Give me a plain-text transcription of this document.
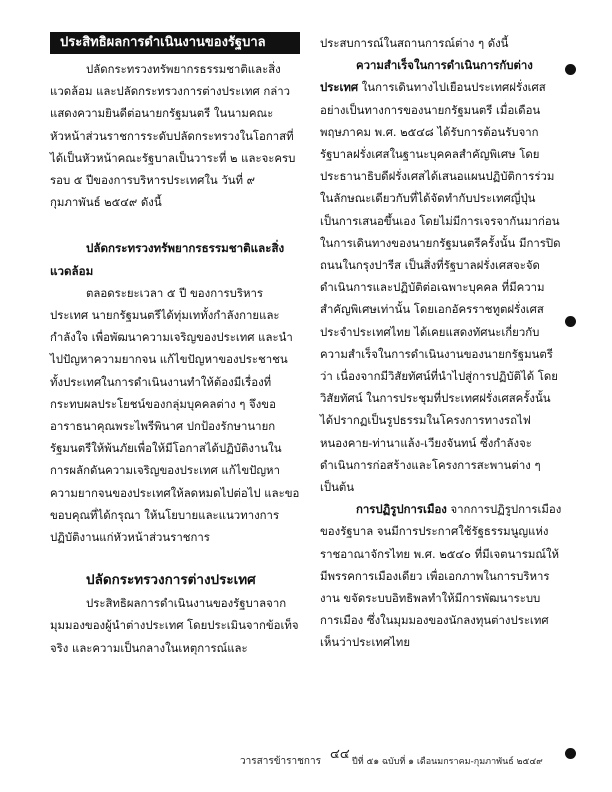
ประสิทธิผลการดำเนินงานของรัฐบาล

ปลัดกระทรวงทรัพยากรธรรมชาติและสิ่งแวดล้อม และปลัดกระทรวงการต่างประเทศ กล่าวแสดงความยินดีต่อนายกรัฐมนตรี ในนามคณะหัวหน้าส่วนราชการระดับปลัดกระทรวงในโอกาสที่ได้เป็นหัวหน้าคณะรัฐบาลเป็นวาระที่ ๒ และจะครบรอบ ๕ ปีของการบริหารประเทศใน วันที่ ๙ กุมภาพันธ์ ๒๕๔๙ ดังนี้

ปลัดกระทรวงทรัพยากรธรรมชาติและสิ่งแวดล้อม

ตลอดระยะเวลา ๕ ปี ของการบริหารประเทศ นายกรัฐมนตรีได้ทุ่มเททั้งกำลังกายและกำลังใจ เพื่อพัฒนาความเจริญของประเทศ และนำไปปัญหาความยากจน แก้ไขปัญหาของประชาชนทั้งประเทศในการดำเนินงานทำให้ต้องมีเรื่องที่กระทบผลประโยชน์ของกลุ่มบุคคลต่าง ๆ จึงขออาราธนาคุณพระไพรีพินาศ ปกป้องรักษานายกรัฐมนตรีให้พ้นภัยเพื่อให้มีโอกาสได้ปฏิบัติงานในการผลักดันความเจริญของประเทศ แก้ไขปัญหาความยากจนของประเทศให้ลดหมดไปต่อไป และขอขอบคุณที่ได้กรุณา ให้นโยบายและแนวทางการปฏิบัติงานแก่หัวหน้าส่วนราชการ

ปลัดกระทรวงการต่างประเทศ

ประสิทธิผลการดำเนินงานของรัฐบาลจากมุมมองของผู้นำต่างประเทศ โดยประเมินจากข้อเท็จจริง และความเป็นกลางในเหตุการณ์และ

ประสบการณ์ในสถานการณ์ต่าง ๆ ดังนี้

ความสำเร็จในการดำเนินการกับต่างประเทศ ในการเดินทางไปเยือนประเทศฝรั่งเศสอย่างเป็นทางการของนายกรัฐมนตรี เมื่อเดือนพฤษภาคม พ.ศ. ๒๕๔๘ ได้รับการต้อนรับจากรัฐบาลฝรั่งเศสในฐานะบุคคลสำคัญพิเศษ โดยประธานาธิบดีฝรั่งเศสได้เสนอแผนปฏิบัติการร่วมในลักษณะเดียวกับที่ได้จัดทำกับประเทศญี่ปุ่นเป็นการเสนอขึ้นเอง โดยไม่มีการเจรจากันมาก่อนในการเดินทางของนายกรัฐมนตรีครั้งนั้น มีการปิดถนนในกรุงปารีส เป็นสิ่งที่รัฐบาลฝรั่งเศสจะจัดดำเนินการและปฏิบัติต่อเฉพาะบุคคล ที่มีความสำคัญพิเศษเท่านั้น โดยเอกอัครราชทูตฝรั่งเศสประจำประเทศไทย ได้เคยแสดงทัศนะเกี่ยวกับความสำเร็จในการดำเนินงานของนายกรัฐมนตรีว่า เนื่องจากมีวิสัยทัศน์ที่นำไปสู่การปฏิบัติได้ โดยวิสัยทัศน์ ในการประชุมที่ประเทศฝรั่งเศสครั้งนั้น ได้ปรากฏเป็นรูปธรรมในโครงการทางรถไฟหนองคาย-ท่านาแล้ง-เวียงจันทน์ ซึ่งกำลังจะดำเนินการก่อสร้างและโครงการสะพานต่าง ๆ เป็นต้น

การปฏิรูปการเมือง จากการปฏิรูปการเมืองของรัฐบาล จนมีการประกาศใช้รัฐธรรมนูญแห่งราชอาณาจักรไทย พ.ศ. ๒๕๔๐ ที่มีเจตนารมณ์ให้มีพรรคการเมืองเดียว เพื่อเอกภาพในการบริหารงาน ขจัดระบบอิทธิพลทำให้มีการพัฒนาระบบการเมือง ซึ่งในมุมมองของนักลงทุนต่างประเทศ เห็นว่าประเทศไทย

วารสารข้าราชการ ๔๔ ปีที่ ๕๑ ฉบับที่ ๑ เดือนมกราคม-กุมภาพันธ์ ๒๕๔๙
